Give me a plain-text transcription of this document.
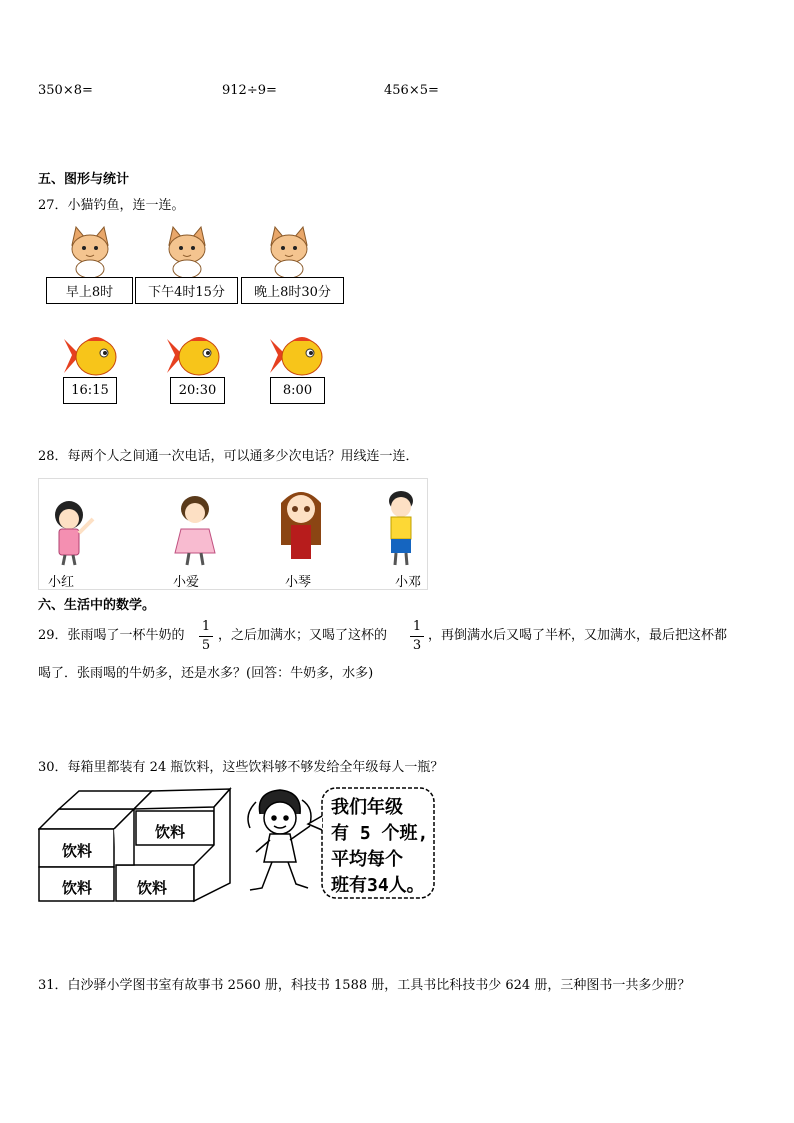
350×8=	912÷9=	456×5=
五、图形与统计
27．小猫钓鱼，连一连。
早上8时	下午4时15分	晚上8时30分
16:15	20:30	8:00
28．每两个人之间通一次电话，可以通多少次电话？用线连一连．
小红	小爱	小琴	小邓
六、生活中的数学。
29．张雨喝了一杯牛奶的
1
5
，之后加满水；又喝了这杯的
1
3
，再倒满水后又喝了半杯，又加满水，最后把这杯都
喝了．张雨喝的牛奶多，还是水多？(回答：牛奶多，水多)
30．每箱里都装有 24 瓶饮料，这些饮料够不够发给全年级每人一瓶？
饮料
饮料
饮料
饮料
我们年级
有 5 个班,
平均每个
班有34人。
31．白沙驿小学图书室有故事书 2560 册，科技书 1588 册，工具书比科技书少 624 册，三种图书一共多少册？
